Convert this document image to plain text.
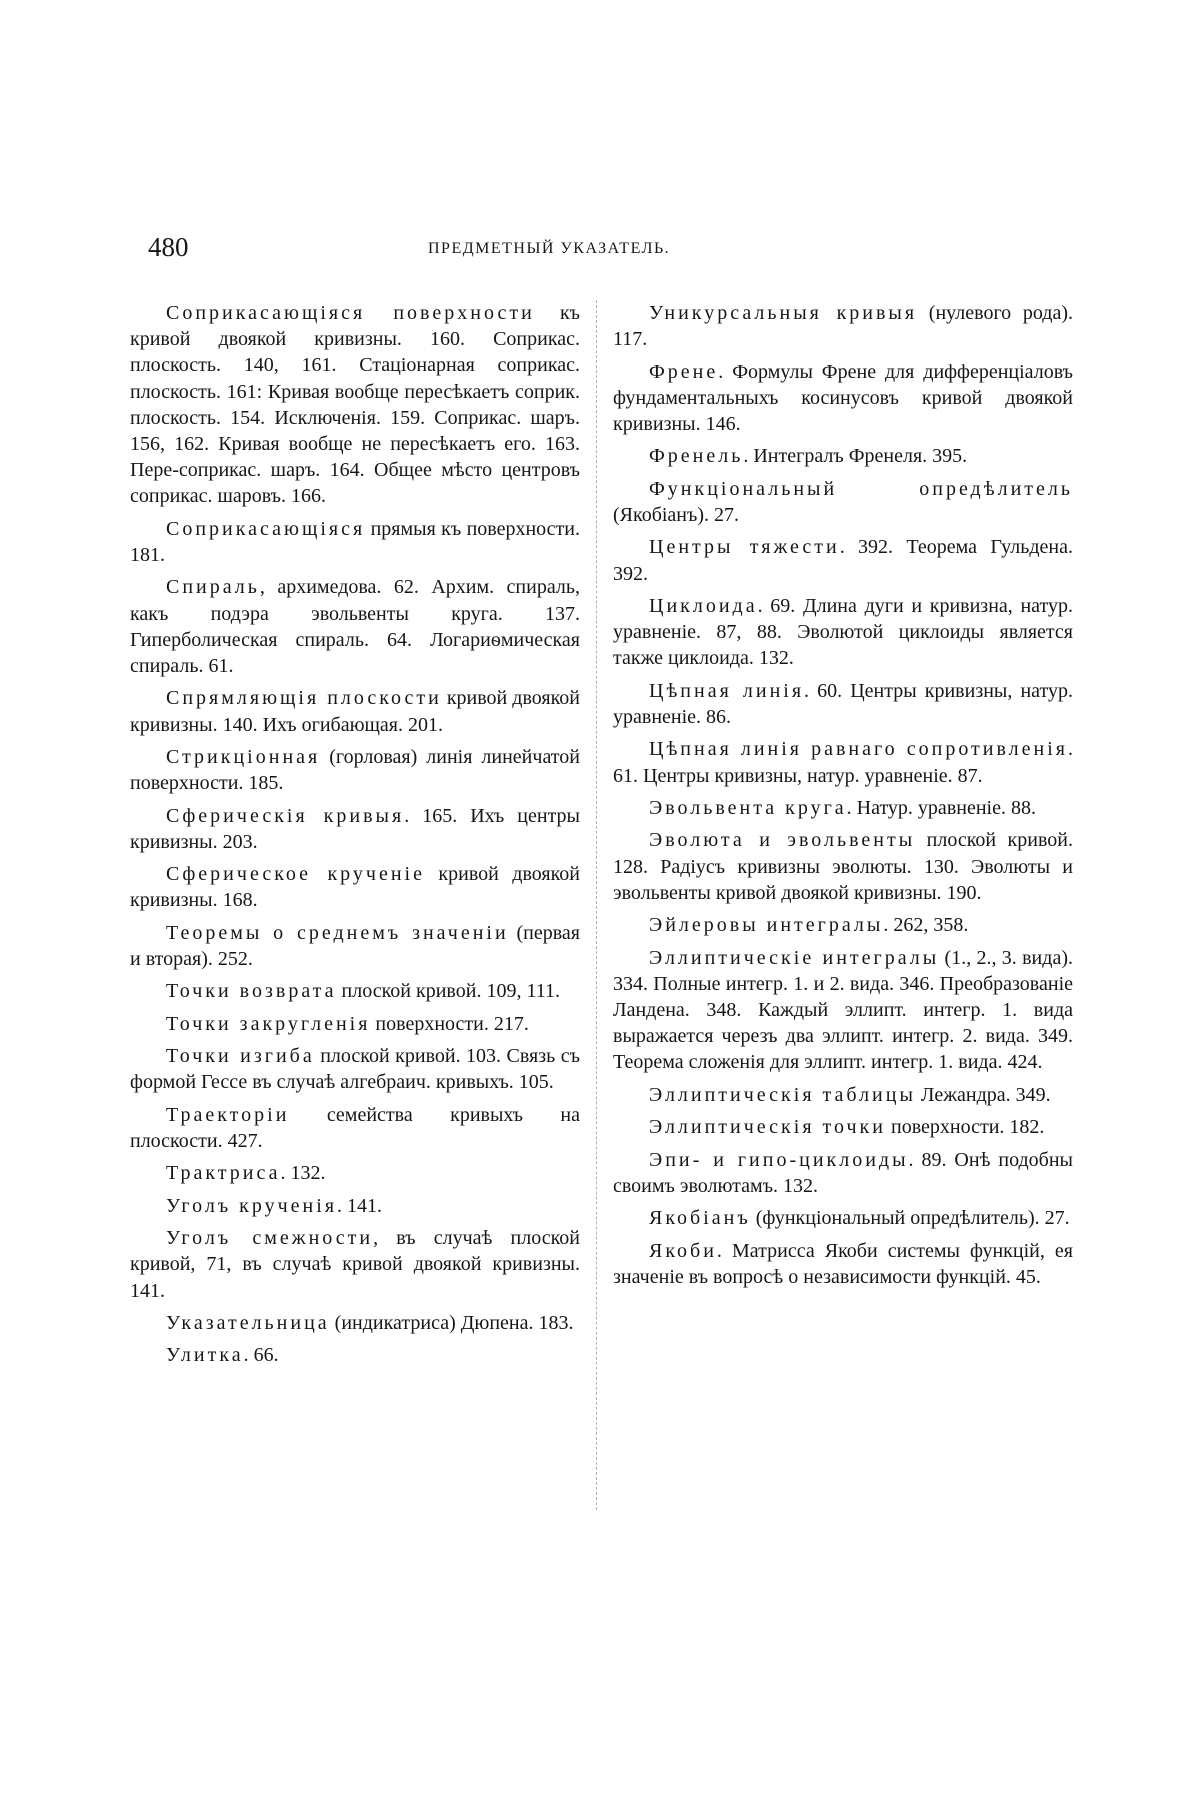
480	ПРЕДМЕТНЫЙ УКАЗАТЕЛЬ.

Соприкасающіяся поверхности къ кривой двоякой кривизны. 160. Соприкас. плоскость. 140, 161. Стаціонарная соприкас. плоскость. 161: Кривая вообще пересѣкаетъ соприк. плоскость. 154. Исключенія. 159. Соприкас. шаръ. 156, 162. Кривая вообще не пересѣкаетъ его. 163. Пере-соприкас. шаръ. 164. Общее мѣсто центровъ соприкас. шаровъ. 166.

Соприкасающіяся прямыя къ поверхности. 181.

Спираль, архимедова. 62. Архим. спираль, какъ подэра эвольвенты круга. 137. Гиперболическая спираль. 64. Логариѳмическая спираль. 61.

Спрямляющія плоскости кривой двоякой кривизны. 140. Ихъ огибающая. 201.

Стрикціонная (горловая) линія линейчатой поверхности. 185.

Сферическія кривыя. 165. Ихъ центры кривизны. 203.

Сферическое крученіе кривой двоякой кривизны. 168.

Теоремы о среднемъ значеніи (первая и вторая). 252.

Точки возврата плоской кривой. 109, 111.

Точки закругленія поверхности. 217.

Точки изгиба плоской кривой. 103. Связь съ формой Гессе въ случаѣ алгебраич. кривыхъ. 105.

Траекторіи семейства кривыхъ на плоскости. 427.

Трактриса. 132.

Уголъ крученія. 141.

Уголъ смежности, въ случаѣ плоской кривой, 71, въ случаѣ кривой двоякой кривизны. 141.

Указательница (индикатриса) Дюпена. 183.

Улитка. 66.

Уникурсальныя кривыя (нулевого рода). 117.

Френе. Формулы Френе для дифференціаловъ фундаментальныхъ косинусовъ кривой двоякой кривизны. 146.

Френель. Интегралъ Френеля. 395.

Функціональный опредѣлитель (Якобіанъ). 27.

Центры тяжести. 392. Теорема Гульдена. 392.

Циклоида. 69. Длина дуги и кривизна, натур. уравненіе. 87, 88. Эволютой циклоиды является также циклоида. 132.

Цѣпная линія. 60. Центры кривизны, натур. уравненіе. 86.

Цѣпная линія равнаго сопротивленія. 61. Центры кривизны, натур. уравненіе. 87.

Эвольвента круга. Натур. уравненіе. 88.

Эволюта и эвольвенты плоской кривой. 128. Радіусъ кривизны эволюты. 130. Эволюты и эвольвенты кривой двоякой кривизны. 190.

Эйлеровы интегралы. 262, 358.

Эллиптическіе интегралы (1., 2., 3. вида). 334. Полные интегр. 1. и 2. вида. 346. Преобразованіе Ландена. 348. Каждый эллипт. интегр. 1. вида выражается черезъ два эллипт. интегр. 2. вида. 349. Теорема сложенія для эллипт. интегр. 1. вида. 424.

Эллиптическія таблицы Лежандра. 349.

Эллиптическія точки поверхности. 182.

Эпи- и гипо-циклоиды. 89. Онѣ подобны своимъ эволютамъ. 132.

Якобіанъ (функціональный опредѣлитель). 27.

Якоби. Матрисса Якоби системы функцій, ея значеніе въ вопросѣ о независимости функцій. 45.
